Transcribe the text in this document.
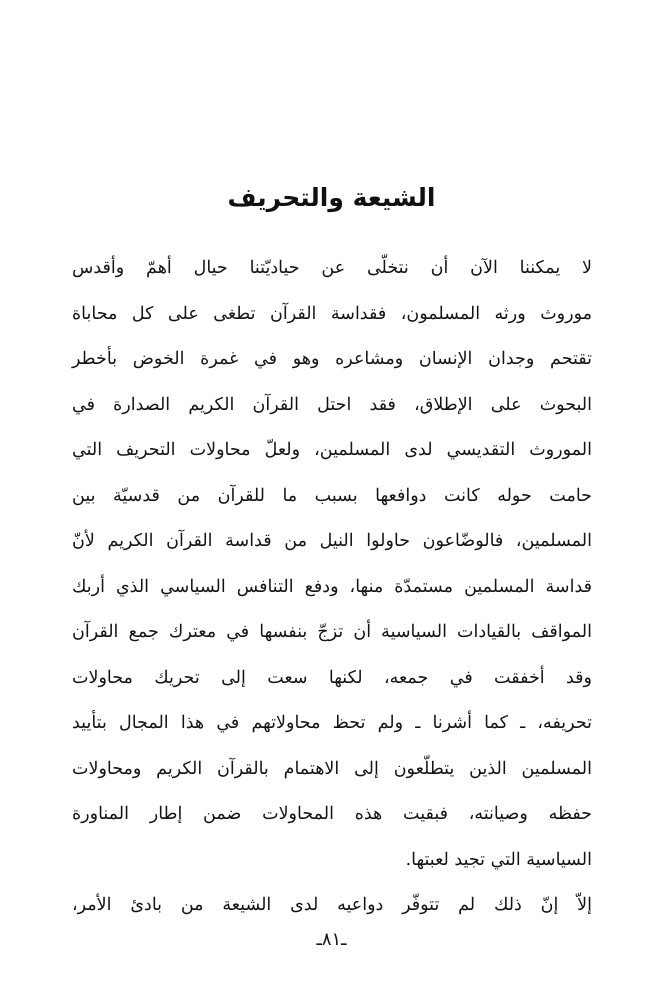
الشيعة والتحريف
لا يمكننا الآن أن نتخلّى عن حياديّتنا حيال أهمّ وأقدس
موروث ورثه المسلمون، فقداسة القرآن تطغى على كل محاباة
تقتحم وجدان الإنسان ومشاعره وهو في غمرة الخوض بأخطر
البحوث على الإطلاق، فقد احتل القرآن الكريم الصدارة في
الموروث التقديسي لدى المسلمين، ولعلّ محاولات التحريف التي
حامت حوله كانت دوافعها بسبب ما للقرآن من قدسيّة بين
المسلمين، فالوضّاعون حاولوا النيل من قداسة القرآن الكريم لأنّ
قداسة المسلمين مستمدّة منها، ودفع التنافس السياسي الذي أربك
المواقف بالقيادات السياسية أن تزجّ بنفسها في معترك جمع القرآن
وقد أخفقت في جمعه، لكنها سعت إلى تحريك محاولات
تحريفه، ـ كما أشرنا ـ ولم تحظ محاولاتهم في هذا المجال بتأييد
المسلمين الذين يتطلّعون إلى الاهتمام بالقرآن الكريم ومحاولات
حفظه وصيانته، فبقيت هذه المحاولات ضمن إطار المناورة
السياسية التي تجيد لعبتها.
إلاّ إنّ ذلك لم تتوفّر دواعيه لدى الشيعة من بادئ الأمر،
ـ٨١ـ
